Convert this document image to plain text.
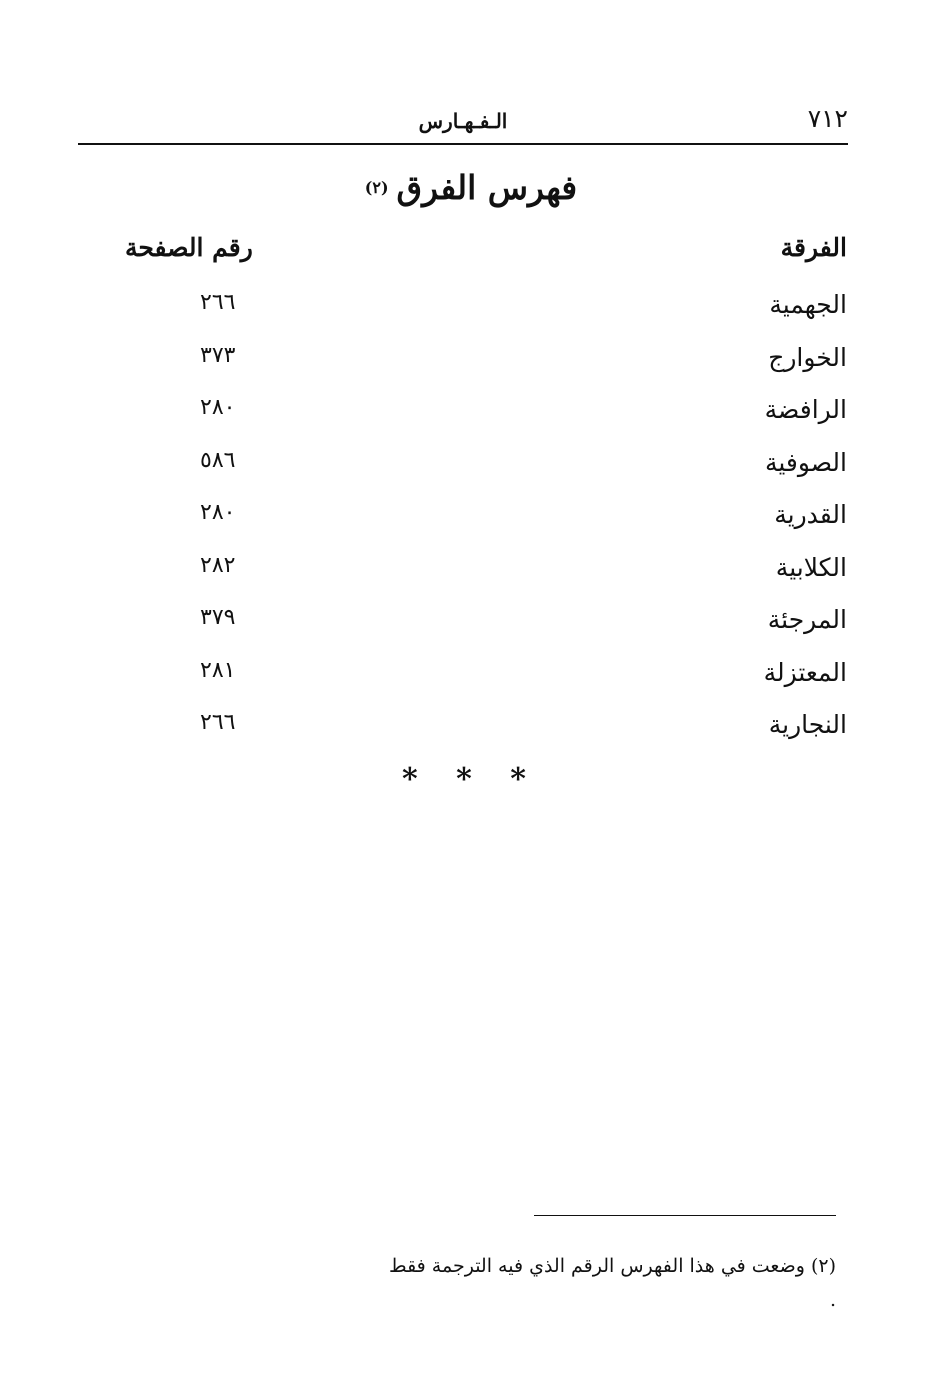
٧١٢
الـفـهـارس
فهرس الفرق(٢)
الفرقة
رقم الصفحة
الجهمية
٢٦٦
الخوارج
٣٧٣
الرافضة
٢٨٠
الصوفية
٥٨٦
القدرية
٢٨٠
الكلابية
٢٨٢
المرجئة
٣٧٩
المعتزلة
٢٨١
النجارية
٢٦٦
* * *

(٢) وضعت في هذا الفهرس الرقم الذي فيه الترجمة فقط .
